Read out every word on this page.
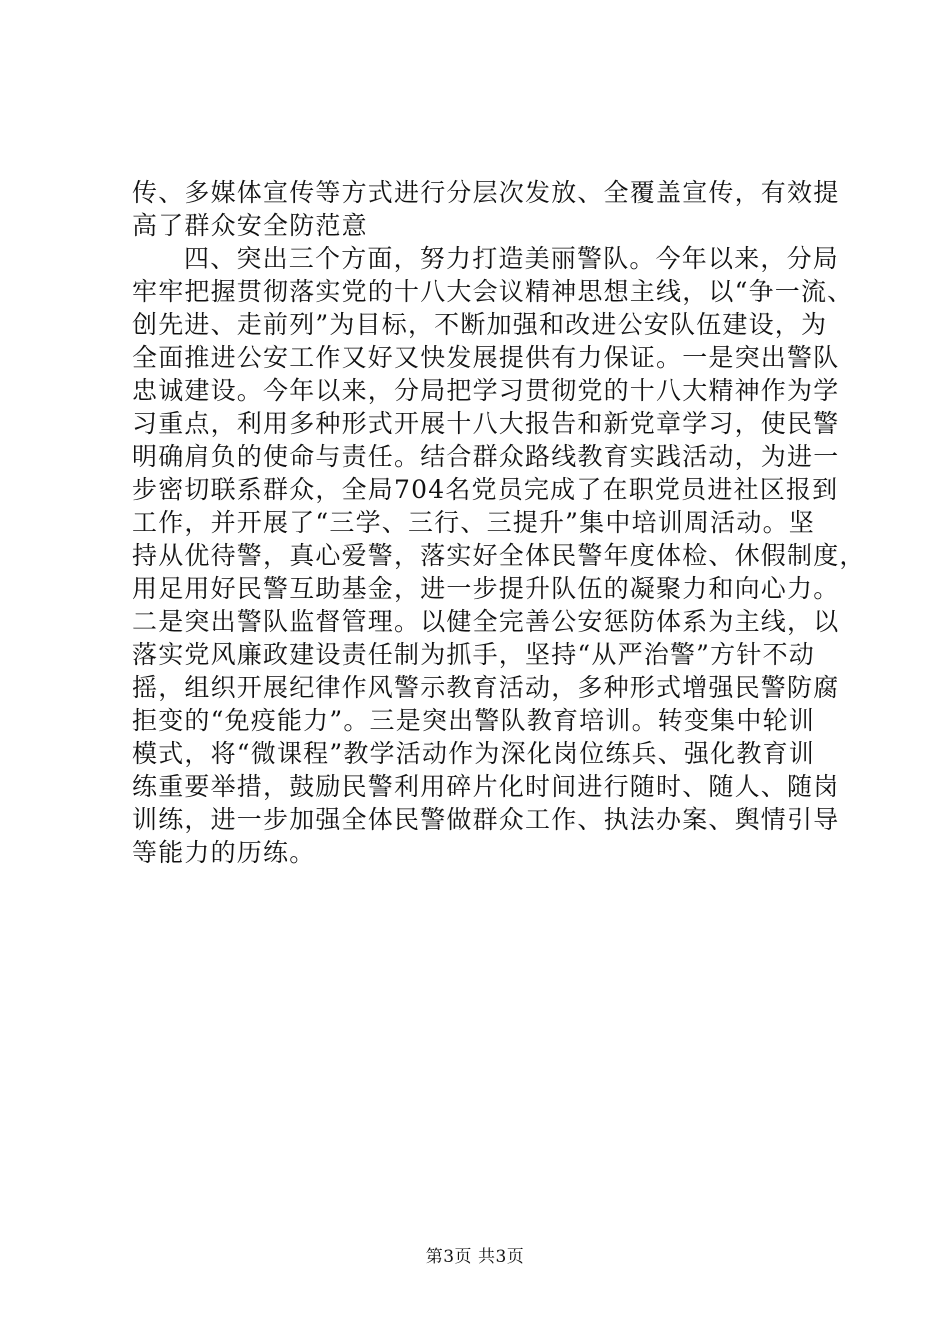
传、多媒体宣传等方式进行分层次发放、全覆盖宣传，有效提
高了群众安全防范意
四、突出三个方面，努力打造美丽警队。今年以来，分局
牢牢把握贯彻落实党的十八大会议精神思想主线，以“争一流、
创先进、走前列”为目标，不断加强和改进公安队伍建设，为
全面推进公安工作又好又快发展提供有力保证。一是突出警队
忠诚建设。今年以来，分局把学习贯彻党的十八大精神作为学
习重点，利用多种形式开展十八大报告和新党章学习，使民警
明确肩负的使命与责任。结合群众路线教育实践活动，为进一
步密切联系群众，全局704名党员完成了在职党员进社区报到
工作，并开展了“三学、三行、三提升”集中培训周活动。坚
持从优待警，真心爱警，落实好全体民警年度体检、休假制度，
用足用好民警互助基金，进一步提升队伍的凝聚力和向心力。
二是突出警队监督管理。以健全完善公安惩防体系为主线，以
落实党风廉政建设责任制为抓手，坚持“从严治警”方针不动
摇，组织开展纪律作风警示教育活动，多种形式增强民警防腐
拒变的“免疫能力”。三是突出警队教育培训。转变集中轮训
模式，将“微课程”教学活动作为深化岗位练兵、强化教育训
练重要举措，鼓励民警利用碎片化时间进行随时、随人、随岗
训练，进一步加强全体民警做群众工作、执法办案、舆情引导
等能力的历练。
第3页 共3页
